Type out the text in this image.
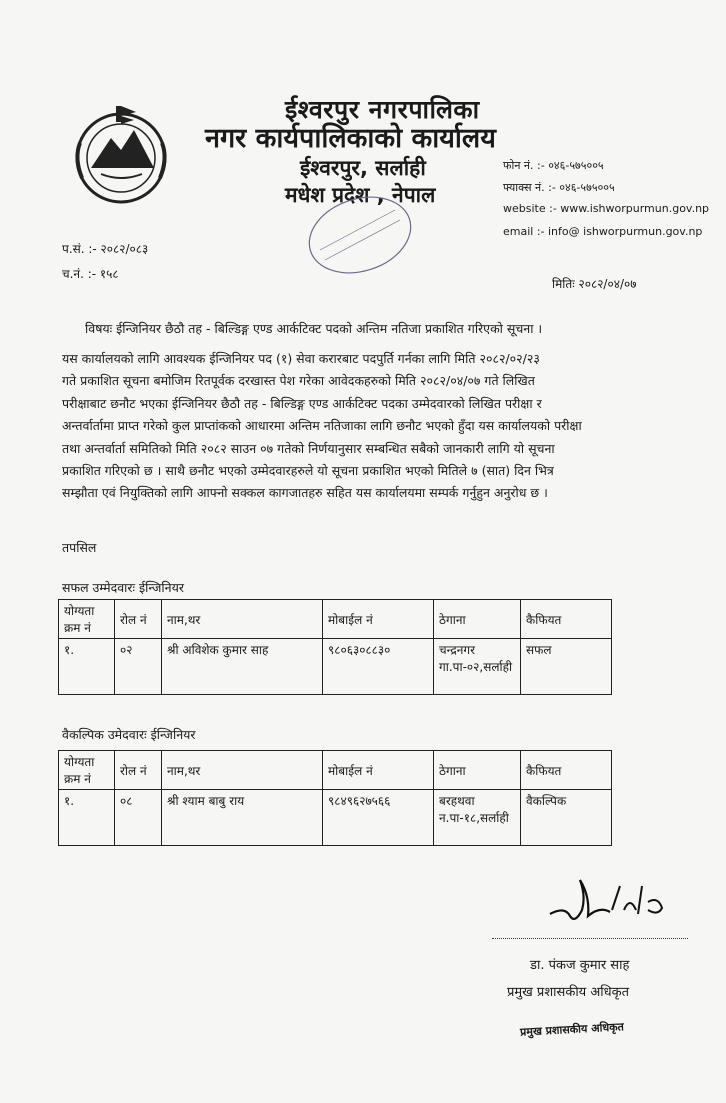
ईश्वरपुर नगरपालिका
नगर कार्यपालिकाको कार्यालय
ईश्वरपुर, सर्लाही
मधेश प्रदेश , नेपाल
फोन नं. :- ०४६-५७५००५
फ्याक्स नं. :- ०४६-५७५००५
website :- www.ishworpurmun.gov.np
email :- info@ ishworpurmun.gov.np
प.सं. :- २०८२/०८३
च.नं. :- १५८
मितिः २०८२/०४/०७
विषयः ईन्जिनियर छैठौ तह - बिल्डिङ्ग एण्ड आर्कटिक्ट पदको अन्तिम नतिजा प्रकाशित गरिएको सूचना ।
यस कार्यालयको लागि आवश्यक ईन्जिनियर पद (१) सेवा करारबाट पदपुर्ति गर्नका लागि मिति २०८२/०२/२३
गते प्रकाशित सूचना बमोजिम रितपूर्वक दरखास्त पेश गरेका आवेदकहरुको मिति २०८२/०४/०७ गते लिखित
परीक्षाबाट छनौट भएका ईन्जिनियर छैठौ तह - बिल्डिङ्ग एण्ड आर्कटिक्ट पदका उम्मेदवारको लिखित परीक्षा र
अन्तर्वार्तामा प्राप्त गरेको कुल प्राप्तांकको आधारमा अन्तिम नतिजाका लागि छनौट भएको हुँदा यस कार्यालयको परीक्षा
तथा अन्तर्वार्ता समितिको मिति २०८२ साउन ०७ गतेको निर्णयानुसार सम्बन्धित सबैको जानकारी लागि यो सूचना
प्रकाशित गरिएको छ । साथै छनौट भएको उम्मेदवारहरुले यो सूचना प्रकाशित भएको मितिले ७ (सात) दिन भित्र
सम्झौता एवं नियुक्तिको लागि आफ्नो सक्कल कागजातहरु सहित यस कार्यालयमा सम्पर्क गर्नुहुन अनुरोध छ ।
तपसिल
सफल उम्मेदवारः ईन्जिनियर
योग्यता क्रम नं	रोल नं	नाम,थर	मोबाईल नं	ठेगाना	कैफियत
१.	०२	श्री अविशेक कुमार साह	९८०६३०८८३०	चन्द्रनगर गा.पा-०२,सर्लाही	सफल
वैकल्पिक उमेदवारः ईन्जिनियर
योग्यता क्रम नं	रोल नं	नाम,थर	मोबाईल नं	ठेगाना	कैफियत
१.	०८	श्री श्याम बाबु राय	९८४९६२७५६६	बरहथवा न.पा-१८,सर्लाही	वैकल्पिक
डा. पंकज कुमार साह
प्रमुख प्रशासकीय अधिकृत
प्रमुख प्रशासकीय अधिकृत
